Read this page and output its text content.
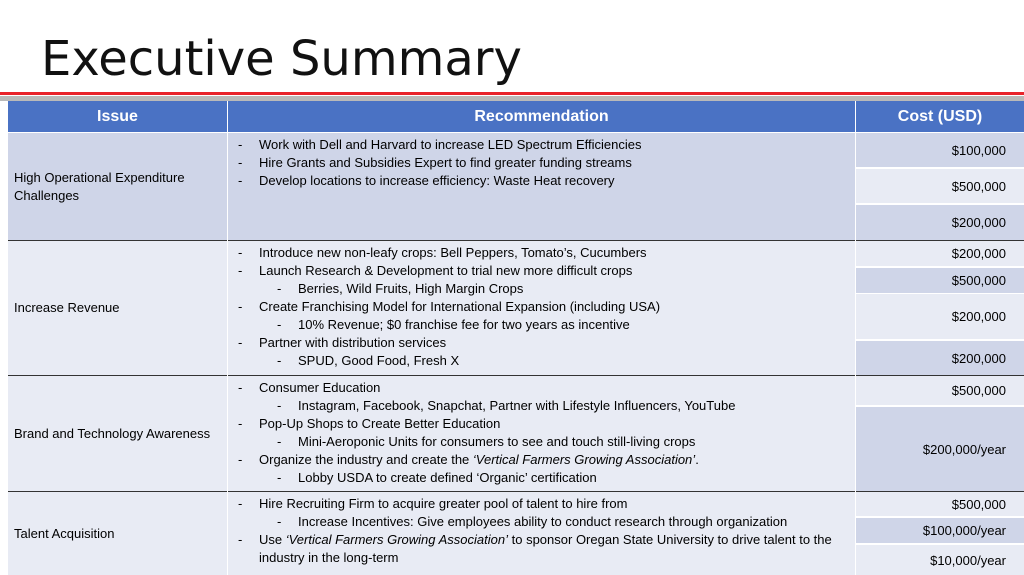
Executive Summary
Issue	Recommendation	Cost (USD)
High Operational Expenditure Challenges
- Work with Dell and Harvard to increase LED Spectrum Efficiencies
- Hire Grants and Subsidies Expert to find greater funding streams
- Develop locations to increase efficiency: Waste Heat recovery
$100,000
$500,000
$200,000
Increase Revenue
- Introduce new non-leafy crops: Bell Peppers, Tomato’s, Cucumbers
- Launch Research & Development to trial new more difficult crops
- Berries, Wild Fruits, High Margin Crops
- Create Franchising Model for International Expansion (including USA)
- 10% Revenue; $0 franchise fee for two years as incentive
- Partner with distribution services
- SPUD, Good Food, Fresh X
$200,000
$500,000
$200,000
$200,000
Brand and Technology Awareness
- Consumer Education
- Instagram, Facebook, Snapchat, Partner with Lifestyle Influencers, YouTube
- Pop-Up Shops to Create Better Education
- Mini-Aeroponic Units for consumers to see and touch still-living crops
- Organize the industry and create the ‘Vertical Farmers Growing Association’.
- Lobby USDA to create defined ‘Organic’ certification
$500,000
$200,000/year
Talent Acquisition
- Hire Recruiting Firm to acquire greater pool of talent to hire from
- Increase Incentives: Give employees ability to conduct research through organization
- Use ‘Vertical Farmers Growing Association’ to sponsor Oregan State University to drive talent to the industry in the long-term
$500,000
$100,000/year
$10,000/year
